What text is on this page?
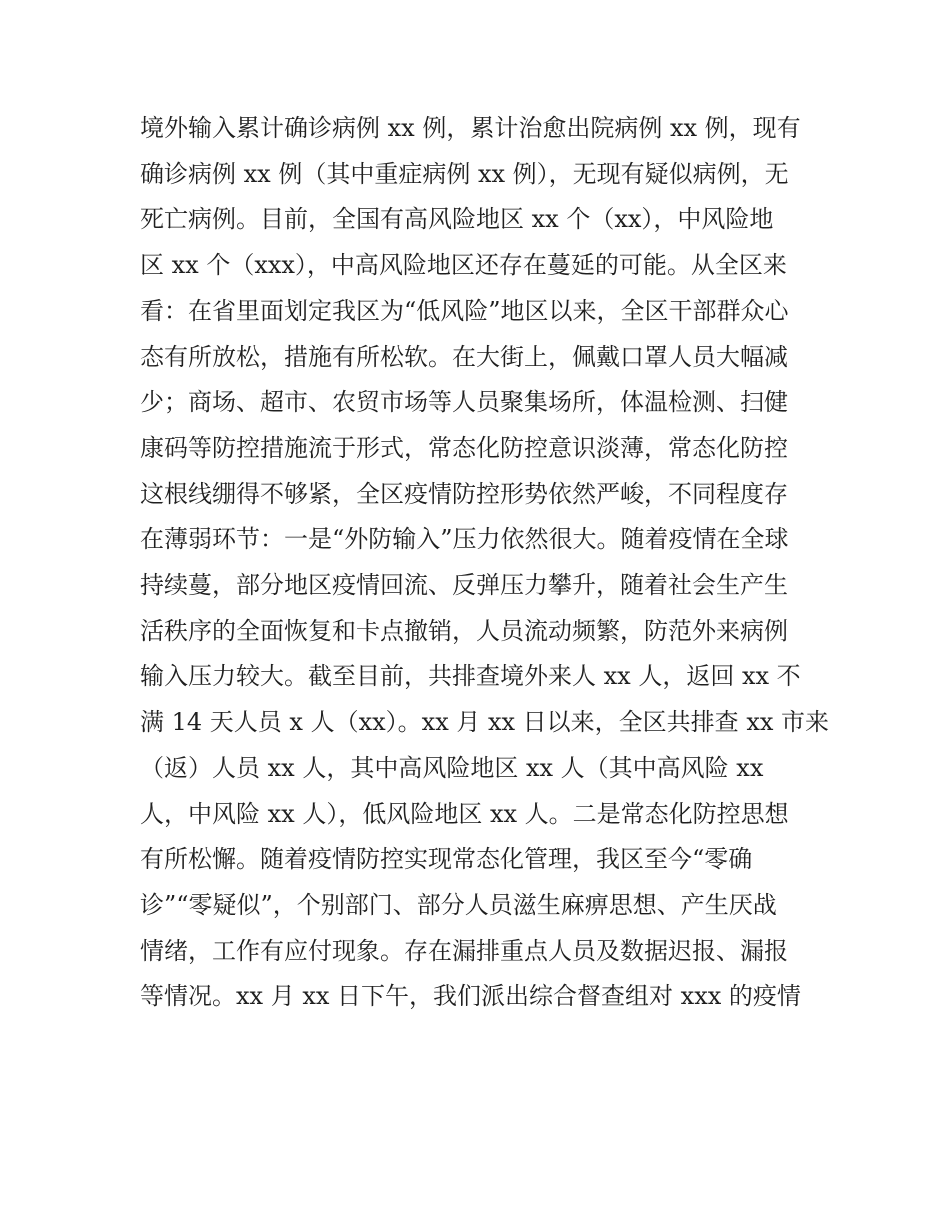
境外输入累计确诊病例 xx 例，累计治愈出院病例 xx 例，现有
确诊病例 xx 例（其中重症病例 xx 例），无现有疑似病例，无
死亡病例。目前，全国有高风险地区 xx 个（xx），中风险地
区 xx 个（xxx），中高风险地区还存在蔓延的可能。从全区来
看：在省里面划定我区为“低风险”地区以来，全区干部群众心
态有所放松，措施有所松软。在大街上，佩戴口罩人员大幅减
少；商场、超市、农贸市场等人员聚集场所，体温检测、扫健
康码等防控措施流于形式，常态化防控意识淡薄，常态化防控
这根线绷得不够紧，全区疫情防控形势依然严峻，不同程度存
在薄弱环节：一是“外防输入”压力依然很大。随着疫情在全球
持续蔓，部分地区疫情回流、反弹压力攀升，随着社会生产生
活秩序的全面恢复和卡点撤销，人员流动频繁，防范外来病例
输入压力较大。截至目前，共排查境外来人 xx 人，返回 xx 不
满 14 天人员 x 人（xx）。xx 月 xx 日以来，全区共排查 xx 市来
（返）人员 xx 人，其中高风险地区 xx 人（其中高风险 xx
人，中风险 xx 人），低风险地区 xx 人。二是常态化防控思想
有所松懈。随着疫情防控实现常态化管理，我区至今“零确
诊”“零疑似”，个别部门、部分人员滋生麻痹思想、产生厌战
情绪，工作有应付现象。存在漏排重点人员及数据迟报、漏报
等情况。xx 月 xx 日下午，我们派出综合督查组对 xxx 的疫情
